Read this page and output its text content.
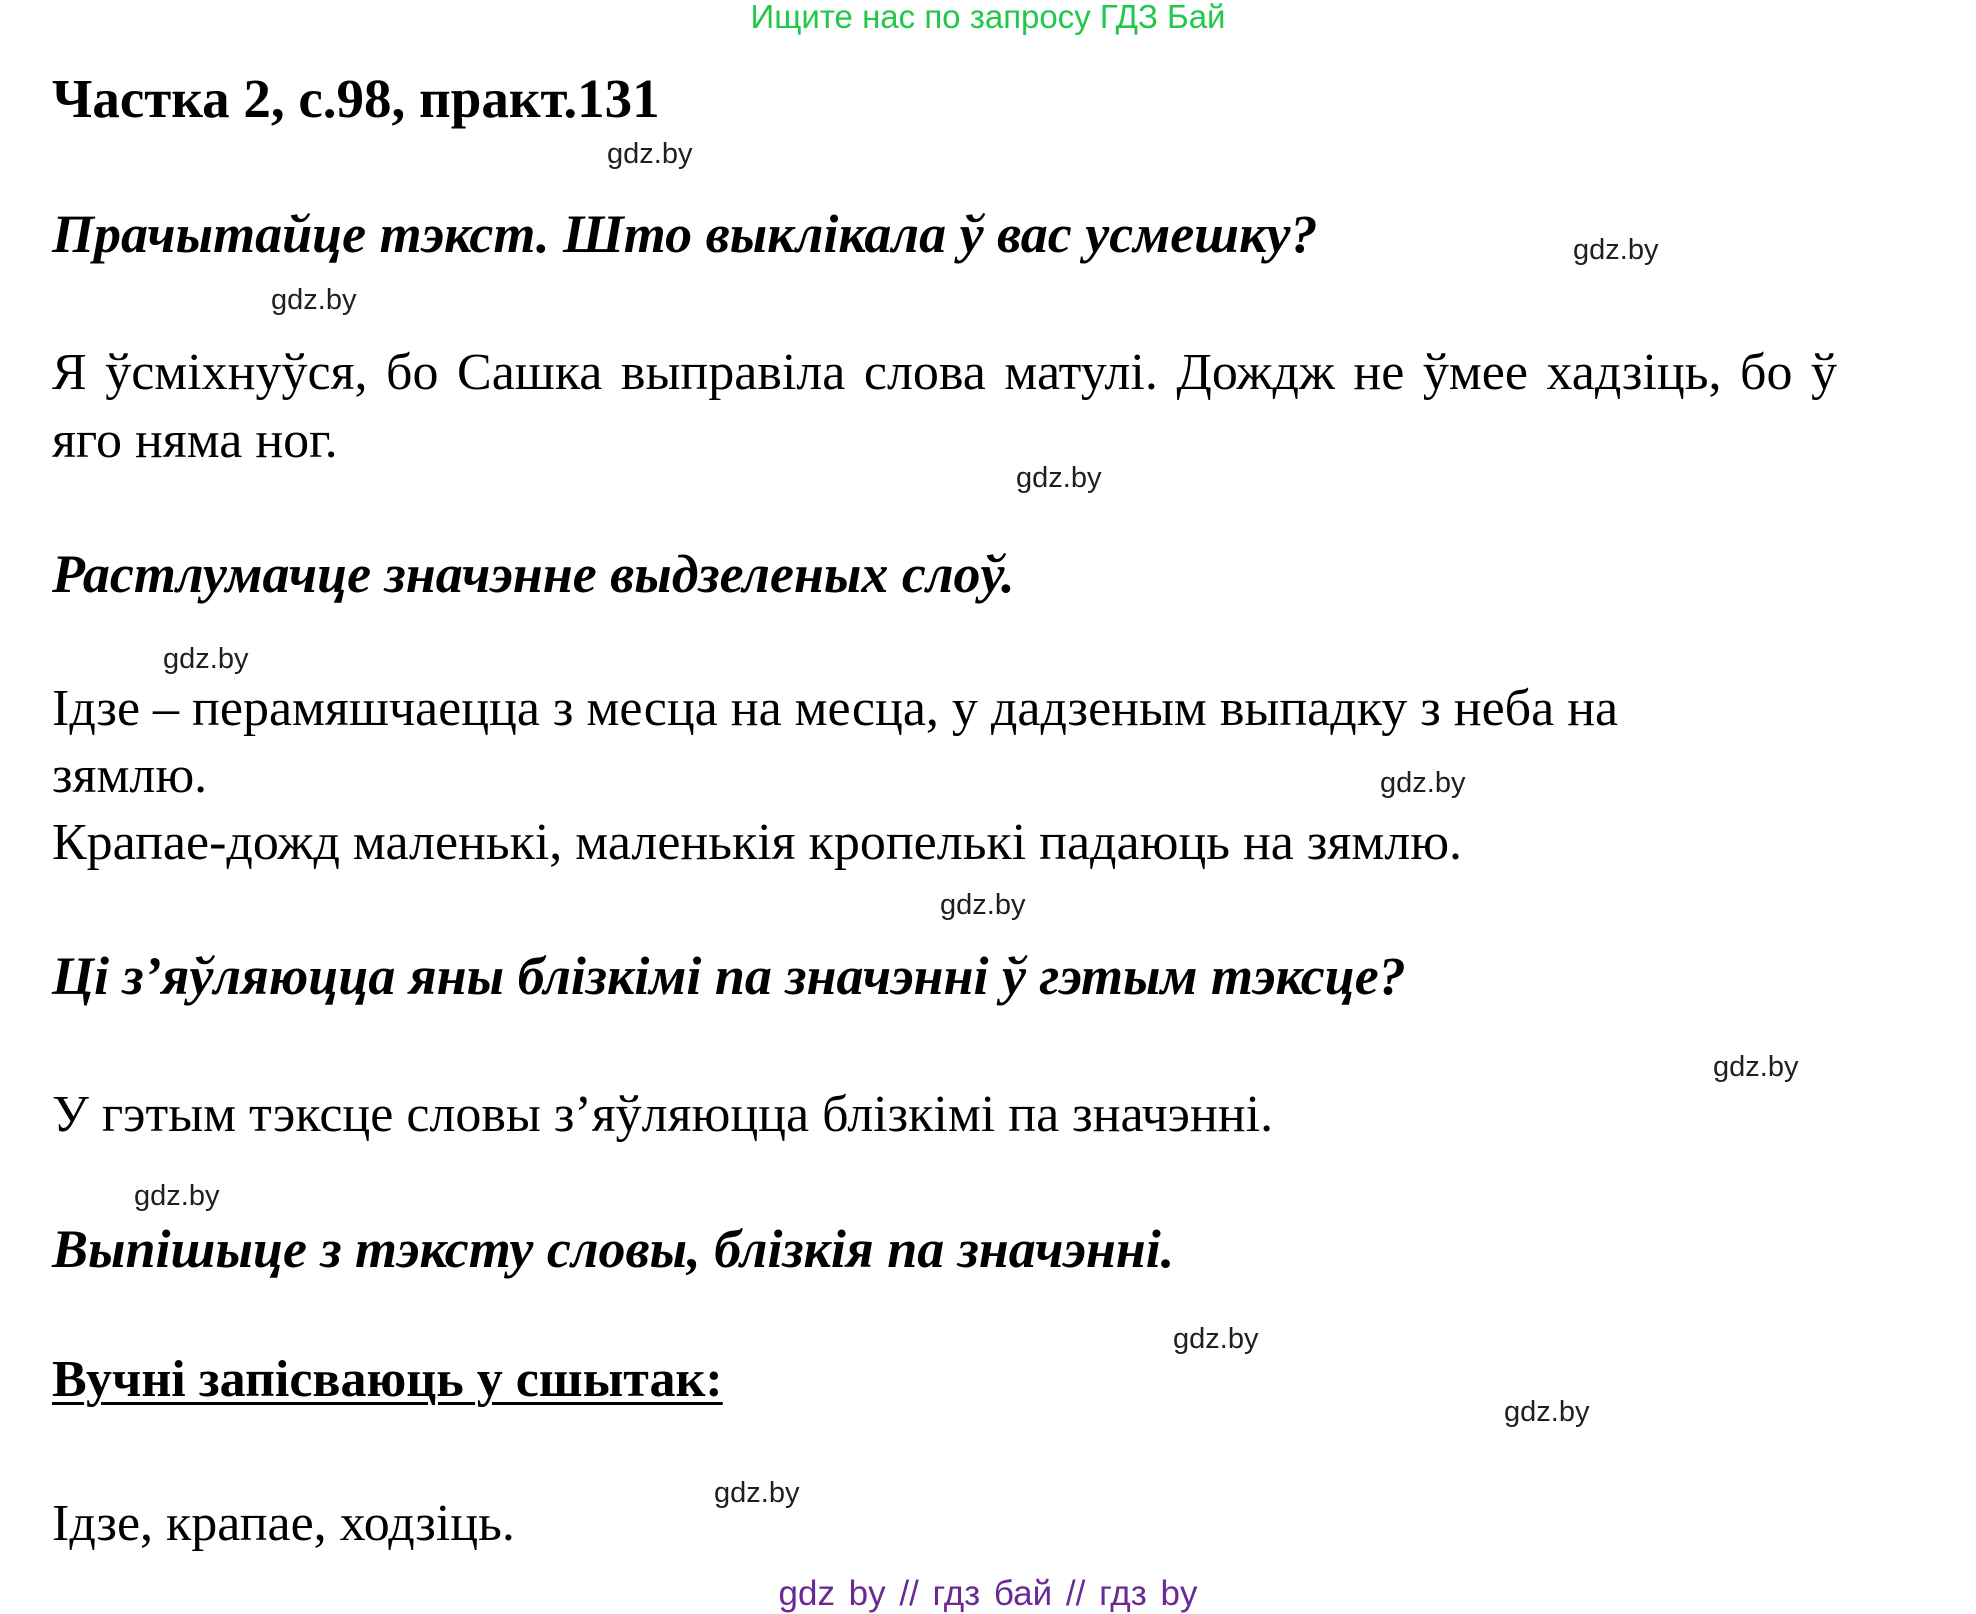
Ищите нас по запросу ГДЗ Бай
Частка 2, с.98, практ.131
gdz.by
gdz.by
gdz.by
gdz.by
gdz.by
gdz.by
gdz.by
gdz.by
gdz.by
gdz.by
gdz.by
gdz.by
Прачытайце тэкст. Што выклікала ў вас усмешку?
Я ўсміхнуўся, бо Сашка выправіла слова матулі. Дождж не ўмее хадзіць, бо ў яго няма ног.
Растлумачце значэнне выдзеленых слоў.
Ідзе – перамяшчаецца з месца на месца, у дадзеным выпадку з неба на
зямлю.
Крапае-дожд маленькі, маленькія кропелькі падаюць на зямлю.
Ці з’яўляюцца яны блізкімі па значэнні ў гэтым тэксце?
У гэтым тэксце словы з’яўляюцца блізкімі па значэнні.
Выпішыце з тэксту словы, блізкія па значэнні.
Вучні запісваюць у сшытак:
Ідзе, крапае, ходзіць.
gdz by // гдз бай // гдз by
